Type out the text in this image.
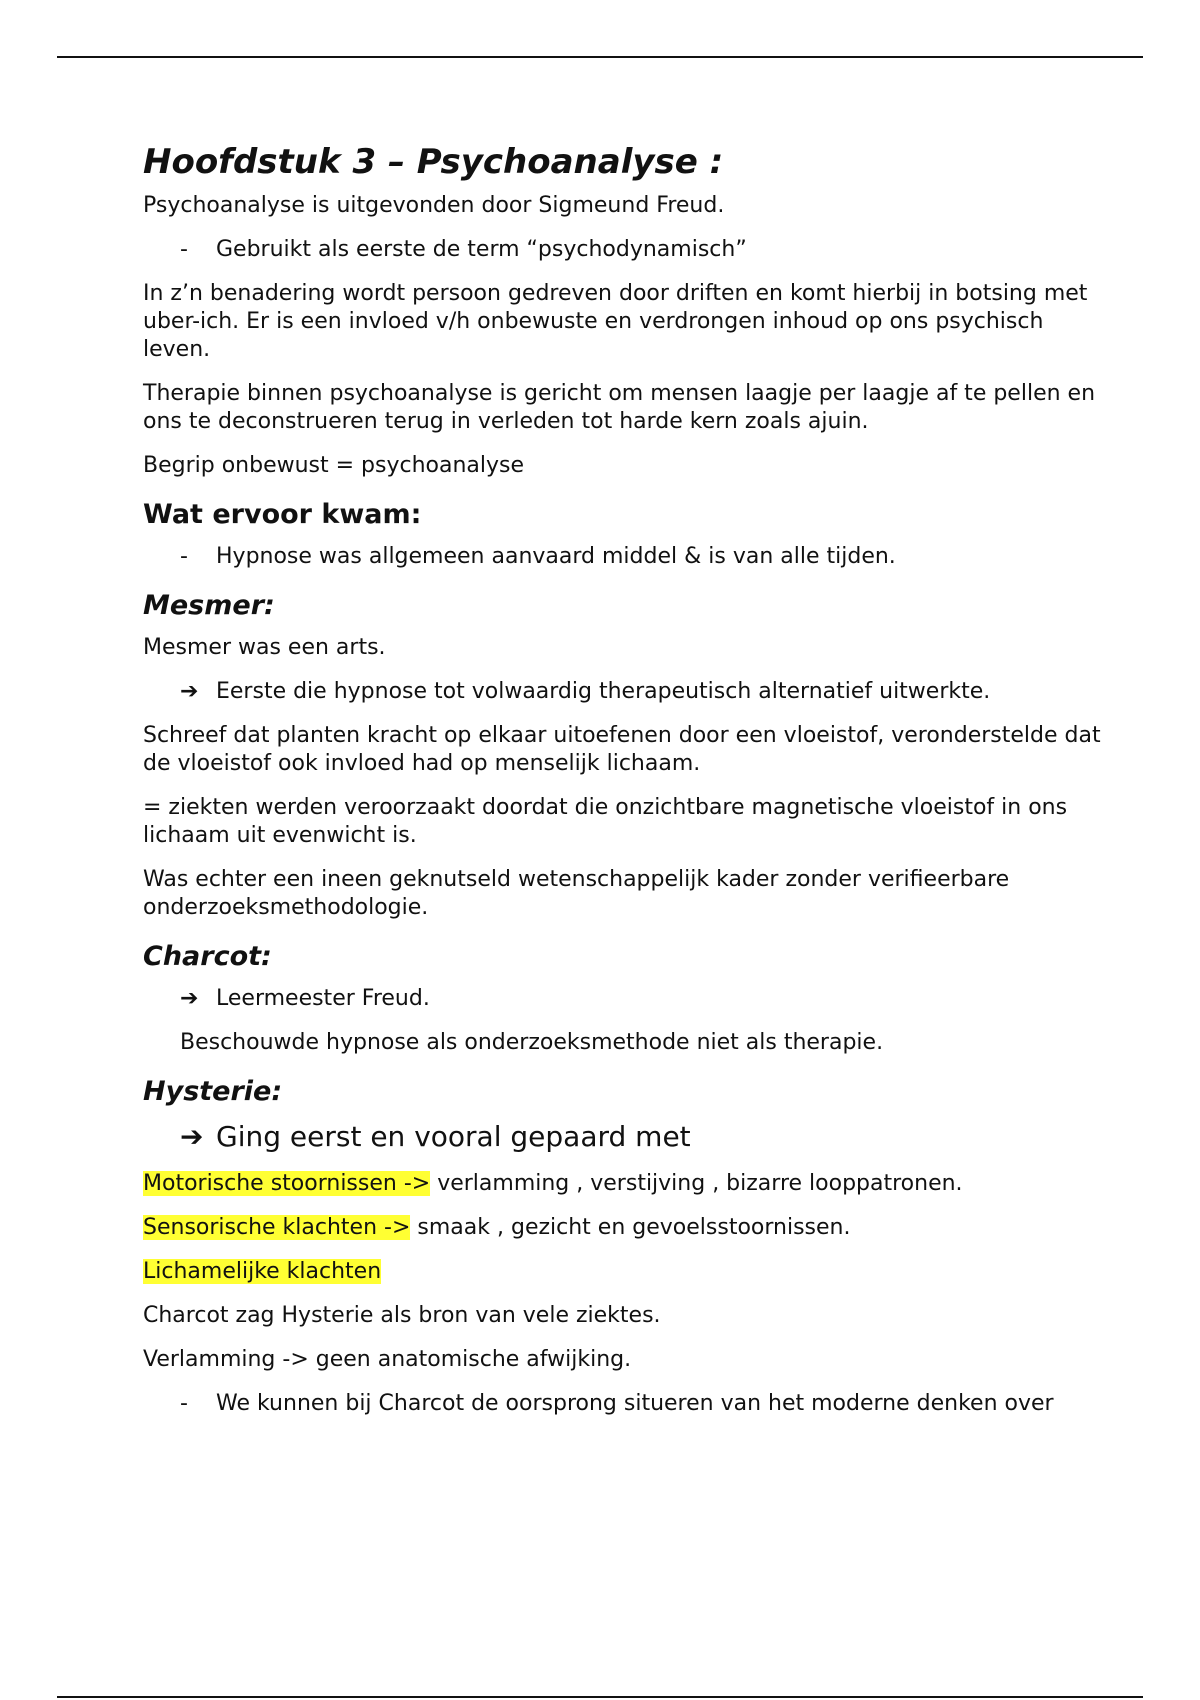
Hoofdstuk 3 – Psychoanalyse :

Psychoanalyse is uitgevonden door Sigmeund Freud.

- Gebruikt als eerste de term “psychodynamisch”

In z’n benadering wordt persoon gedreven door driften en komt hierbij in botsing met uber-ich. Er is een invloed v/h onbewuste en verdrongen inhoud op ons psychisch leven.

Therapie binnen psychoanalyse is gericht om mensen laagje per laagje af te pellen en ons te deconstrueren terug in verleden tot harde kern zoals ajuin.

Begrip onbewust = psychoanalyse

Wat ervoor kwam:

- Hypnose was allgemeen aanvaard middel & is van alle tijden.

Mesmer:

Mesmer was een arts.

➔ Eerste die hypnose tot volwaardig therapeutisch alternatief uitwerkte.

Schreef dat planten kracht op elkaar uitoefenen door een vloeistof, veronderstelde dat de vloeistof ook invloed had op menselijk lichaam.

= ziekten werden veroorzaakt doordat die onzichtbare magnetische vloeistof in ons lichaam uit evenwicht is.

Was echter een ineen geknutseld wetenschappelijk kader zonder verifieerbare onderzoeksmethodologie.

Charcot:

➔ Leermeester Freud.

Beschouwde hypnose als onderzoeksmethode niet als therapie.

Hysterie:

➔ Ging eerst en vooral gepaard met

Motorische stoornissen -> verlamming , verstijving , bizarre looppatronen.

Sensorische klachten -> smaak , gezicht en gevoelsstoornissen.

Lichamelijke klachten

Charcot zag Hysterie als bron van vele ziektes.

Verlamming -> geen anatomische afwijking.

- We kunnen bij Charcot de oorsprong situeren van het moderne denken over
